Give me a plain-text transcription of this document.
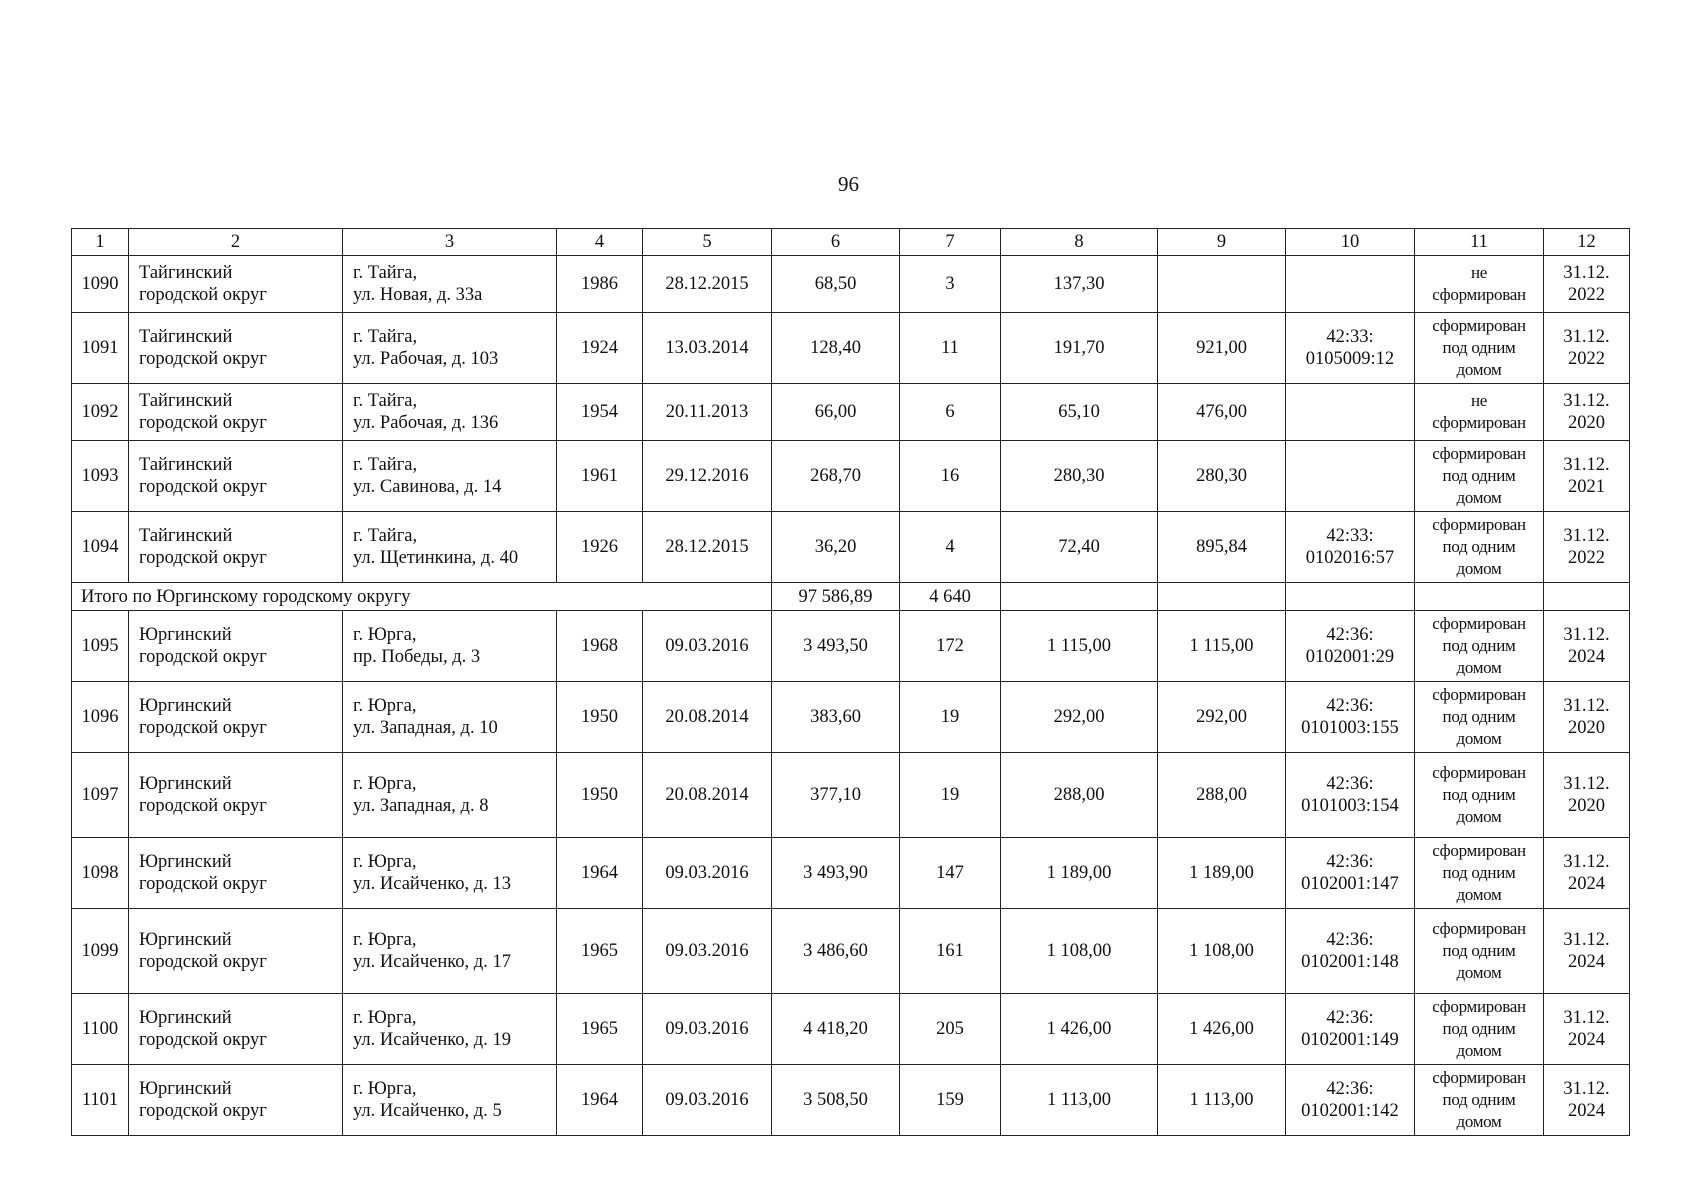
96
1	2	3	4	5	6	7	8	9	10	11	12
1090	Тайгинский
городской округ	г. Тайга,
ул. Новая, д. 33а	1986	28.12.2015	68,50	3	137,30			не
сформирован	31.12.
2022

1091	Тайгинский
городской округ	г. Тайга,
ул. Рабочая, д. 103	1924	13.03.2014	128,40	11	191,70	921,00	42:33:
0105009:12	сформирован
под одним
домом	31.12.
2022

1092	Тайгинский
городской округ	г. Тайга,
ул. Рабочая, д. 136	1954	20.11.2013	66,00	6	65,10	476,00		не
сформирован	31.12.
2020

1093	Тайгинский
городской округ	г. Тайга,
ул. Савинова, д. 14	1961	29.12.2016	268,70	16	280,30	280,30		сформирован
под одним
домом	31.12.
2021

1094	Тайгинский
городской округ	г. Тайга,
ул. Щетинкина, д. 40	1926	28.12.2015	36,20	4	72,40	895,84	42:33:
0102016:57	сформирован
под одним
домом	31.12.
2022

Итого по Юргинскому городскому округу					97 586,89	4 640					
1095	Юргинский
городской округ	г. Юрга,
пр. Победы, д. 3	1968	09.03.2016	3 493,50	172	1 115,00	1 115,00	42:36:
0102001:29	сформирован
под одним
домом	31.12.
2024

1096	Юргинский
городской округ	г. Юрга,
ул. Западная, д. 10	1950	20.08.2014	383,60	19	292,00	292,00	42:36:
0101003:155	сформирован
под одним
домом	31.12.
2020

1097	Юргинский
городской округ	г. Юрга,
ул. Западная, д. 8	1950	20.08.2014	377,10	19	288,00	288,00	42:36:
0101003:154	сформирован
под одним
домом	31.12.
2020

1098	Юргинский
городской округ	г. Юрга,
ул. Исайченко, д. 13	1964	09.03.2016	3 493,90	147	1 189,00	1 189,00	42:36:
0102001:147	сформирован
под одним
домом	31.12.
2024

1099	Юргинский
городской округ	г. Юрга,
ул. Исайченко, д. 17	1965	09.03.2016	3 486,60	161	1 108,00	1 108,00	42:36:
0102001:148	сформирован
под одним
домом	31.12.
2024

1100	Юргинский
городской округ	г. Юрга,
ул. Исайченко, д. 19	1965	09.03.2016	4 418,20	205	1 426,00	1 426,00	42:36:
0102001:149	сформирован
под одним
домом	31.12.
2024

1101	Юргинский
городской округ	г. Юрга,
ул. Исайченко, д. 5	1964	09.03.2016	3 508,50	159	1 113,00	1 113,00	42:36:
0102001:142	сформирован
под одним
домом	31.12.
2024
